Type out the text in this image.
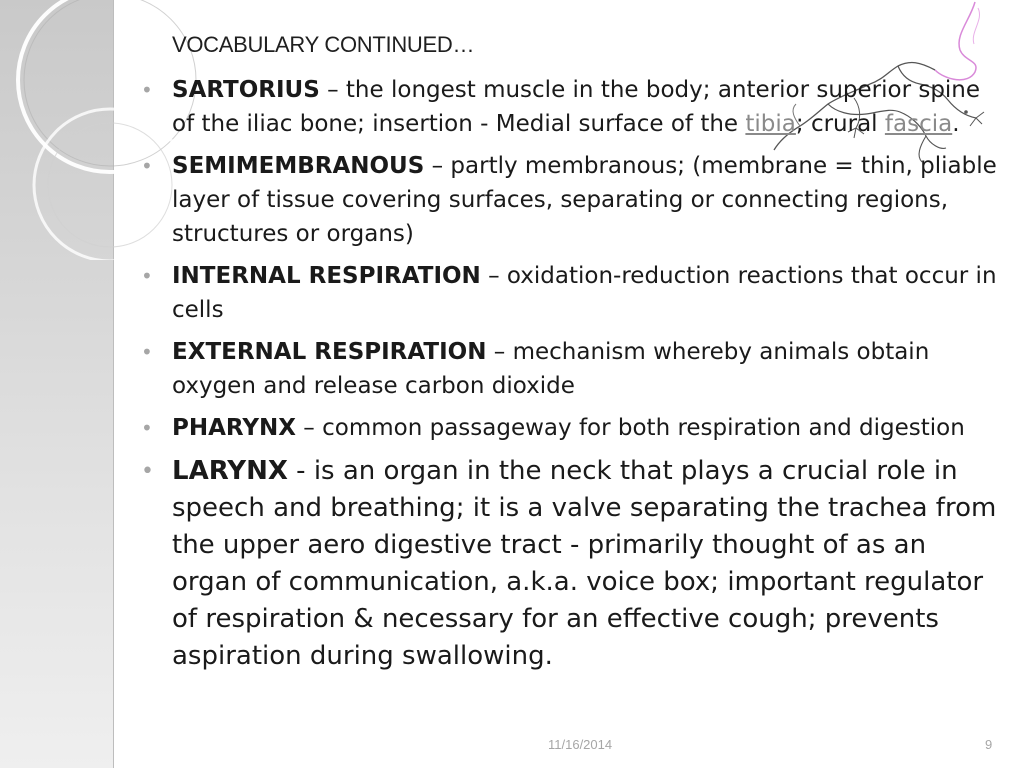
VOCABULARY CONTINUED…
• SARTORIUS – the longest muscle in the body; anterior superior spine of the iliac bone; insertion - Medial surface of the tibia; crural fascia.
• SEMIMEMBRANOUS – partly membranous; (membrane = thin, pliable layer of tissue covering surfaces, separating or connecting regions, structures or organs)
• INTERNAL RESPIRATION – oxidation-reduction reactions that occur in cells
• EXTERNAL RESPIRATION – mechanism whereby animals obtain oxygen and release carbon dioxide
• PHARYNX – common passageway for both respiration and digestion
• LARYNX - is an organ in the neck that plays a crucial role in speech and breathing; it is a valve separating the trachea from the upper aero digestive tract - primarily thought of as an organ of communication, a.k.a. voice box; important regulator of respiration & necessary for an effective cough; prevents aspiration during swallowing.
11/16/2014	9
